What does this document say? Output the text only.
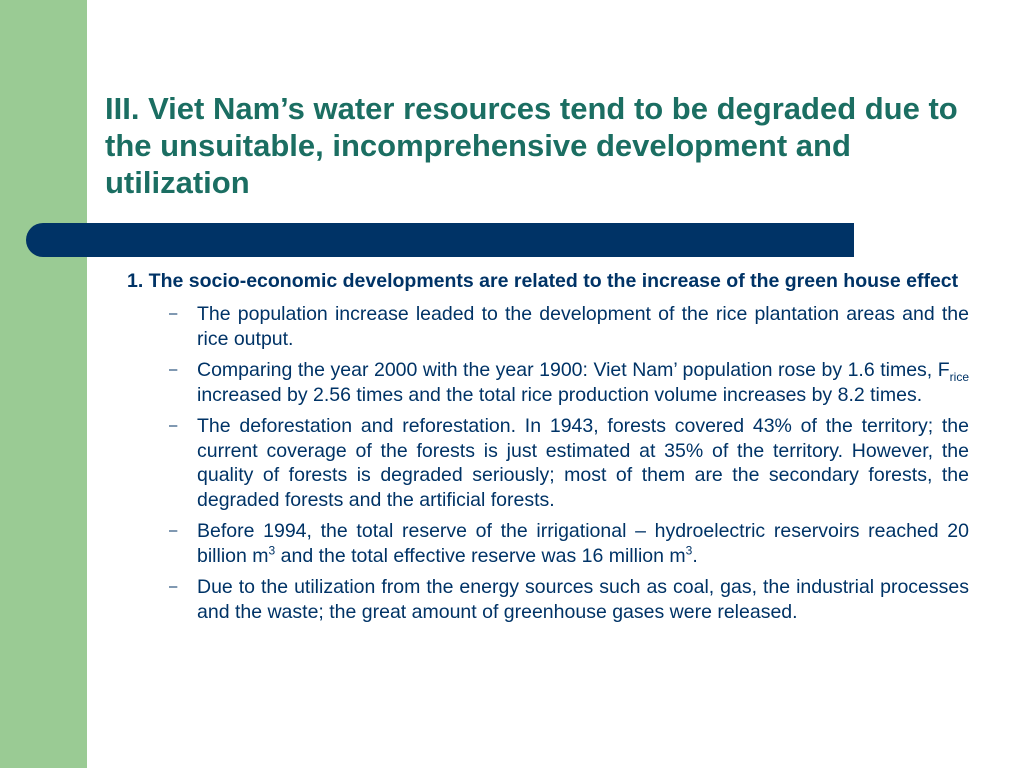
III. Viet Nam’s water resources tend to be degraded due to the unsuitable, incomprehensive development and utilization

1. The socio-economic developments are related to the increase of the green house effect

– The population increase leaded to the development of the rice plantation areas and the rice output.
– Comparing the year 2000 with the year 1900: Viet Nam’ population rose by 1.6 times, $F_{rice}$ increased by 2.56 times and the total rice production volume increases by 8.2 times.
– The deforestation and reforestation. In 1943, forests covered 43% of the territory; the current coverage of the forests is just estimated at 35% of the territory. However, the quality of forests is degraded seriously; most of them are the secondary forests, the degraded forests and the artificial forests.
– Before 1994, the total reserve of the irrigational – hydroelectric reservoirs reached 20 billion $m^3$ and the total effective reserve was 16 million $m^3$.
– Due to the utilization from the energy sources such as coal, gas, the industrial processes and the waste; the great amount of greenhouse gases were released.
